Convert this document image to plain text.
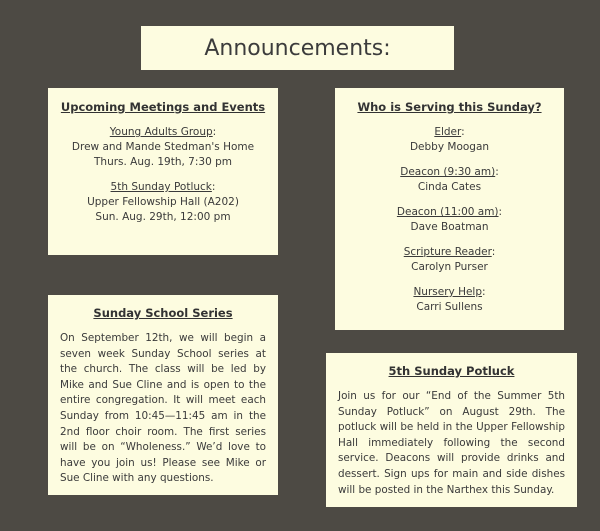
Announcements:
Upcoming Meetings and Events
Young Adults Group:
Drew and Mande Stedman's Home
Thurs. Aug. 19th, 7:30 pm
5th Sunday Potluck:
Upper Fellowship Hall (A202)
Sun. Aug. 29th, 12:00 pm
Who is Serving this Sunday?
Elder:
Debby Moogan
Deacon (9:30 am):
Cinda Cates
Deacon (11:00 am):
Dave Boatman
Scripture Reader:
Carolyn Purser
Nursery Help:
Carri Sullens
Sunday School Series
On September 12th, we will begin a seven week Sunday School series at the church. The class will be led by Mike and Sue Cline and is open to the entire congregation. It will meet each Sunday from 10:45—11:45 am in the 2nd floor choir room. The first series will be on “Wholeness.” We’d love to have you join us! Please see Mike or Sue Cline with any questions.
5th Sunday Potluck
Join us for our “End of the Summer 5th Sunday Potluck” on August 29th. The potluck will be held in the Upper Fellowship Hall immediately following the second service. Deacons will provide drinks and dessert. Sign ups for main and side dishes will be posted in the Narthex this Sunday.
